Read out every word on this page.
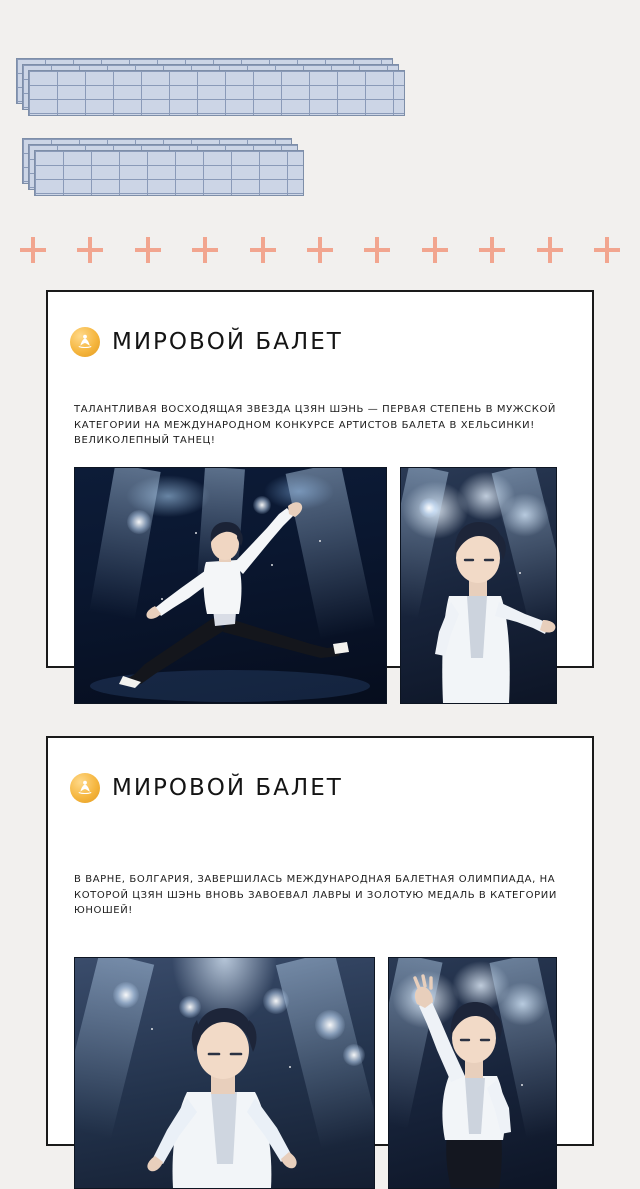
МИРОВОЙ БАЛЕТ

ТАЛАНТЛИВАЯ ВОСХОДЯЩАЯ ЗВЕЗДА ЦЗЯН ШЭНЬ — ПЕРВАЯ СТЕПЕНЬ В МУЖСКОЙ КАТЕГОРИИ НА МЕЖДУНАРОДНОМ КОНКУРСЕ АРТИСТОВ БАЛЕТА В ХЕЛЬСИНКИ! ВЕЛИКОЛЕПНЫЙ ТАНЕЦ!

МИРОВОЙ БАЛЕТ

В ВАРНЕ, БОЛГАРИЯ, ЗАВЕРШИЛАСЬ МЕЖДУНАРОДНАЯ БАЛЕТНАЯ ОЛИМПИАДА, НА КОТОРОЙ ЦЗЯН ШЭНЬ ВНОВЬ ЗАВОЕВАЛ ЛАВРЫ И ЗОЛОТУЮ МЕДАЛЬ В КАТЕГОРИИ ЮНОШЕЙ!
